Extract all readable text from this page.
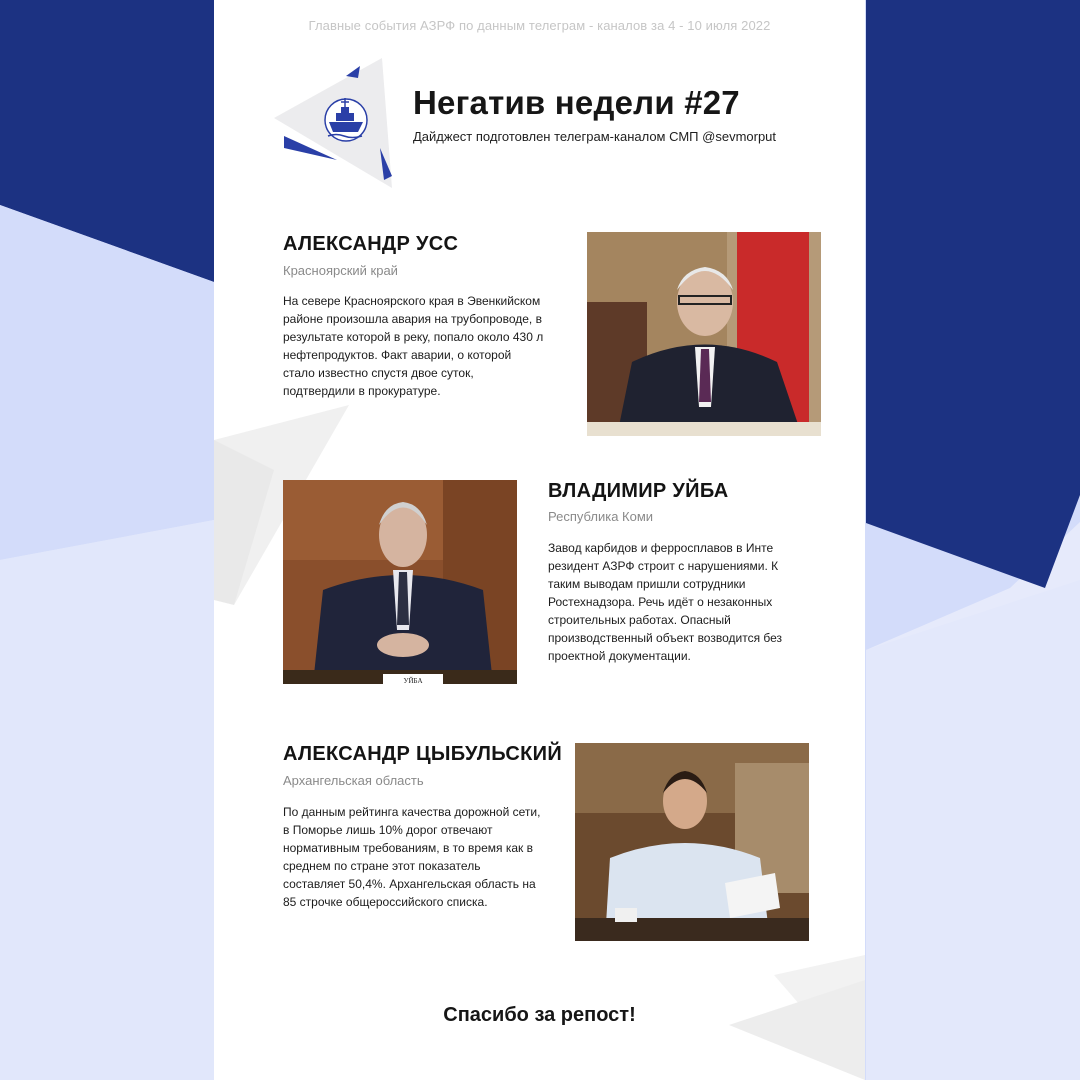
Главные события АЗРФ по данным телеграм - каналов за 4 - 10 июля 2022
Негатив недели #27

Дайджест подготовлен телеграм-каналом СМП @sevmorput

АЛЕКСАНДР УСС

Красноярский край

На севере Красноярского края в Эвенкийском районе произошла авария на трубопроводе, в результате которой в реку, попало около 430 л нефтепродуктов. Факт аварии, о которой стало известно спустя двое суток, подтвердили в прокуратуре.

УЙБА
ВЛАДИМИР УЙБА

Республика Коми

Завод карбидов и ферросплавов в Инте резидент АЗРФ строит с нарушениями. К таким выводам пришли сотрудники Ростехнадзора. Речь идёт о незаконных строительных работах. Опасный производственный объект возводится без проектной документации.

АЛЕКСАНДР ЦЫБУЛЬСКИЙ

Архангельская область

По данным рейтинга качества дорожной сети, в Поморье лишь 10% дорог отвечают нормативным требованиям, в то время как в среднем по стране этот показатель составляет 50,4%. Архангельская область на 85 строчке общероссийского списка.

Спасибо за репост!
